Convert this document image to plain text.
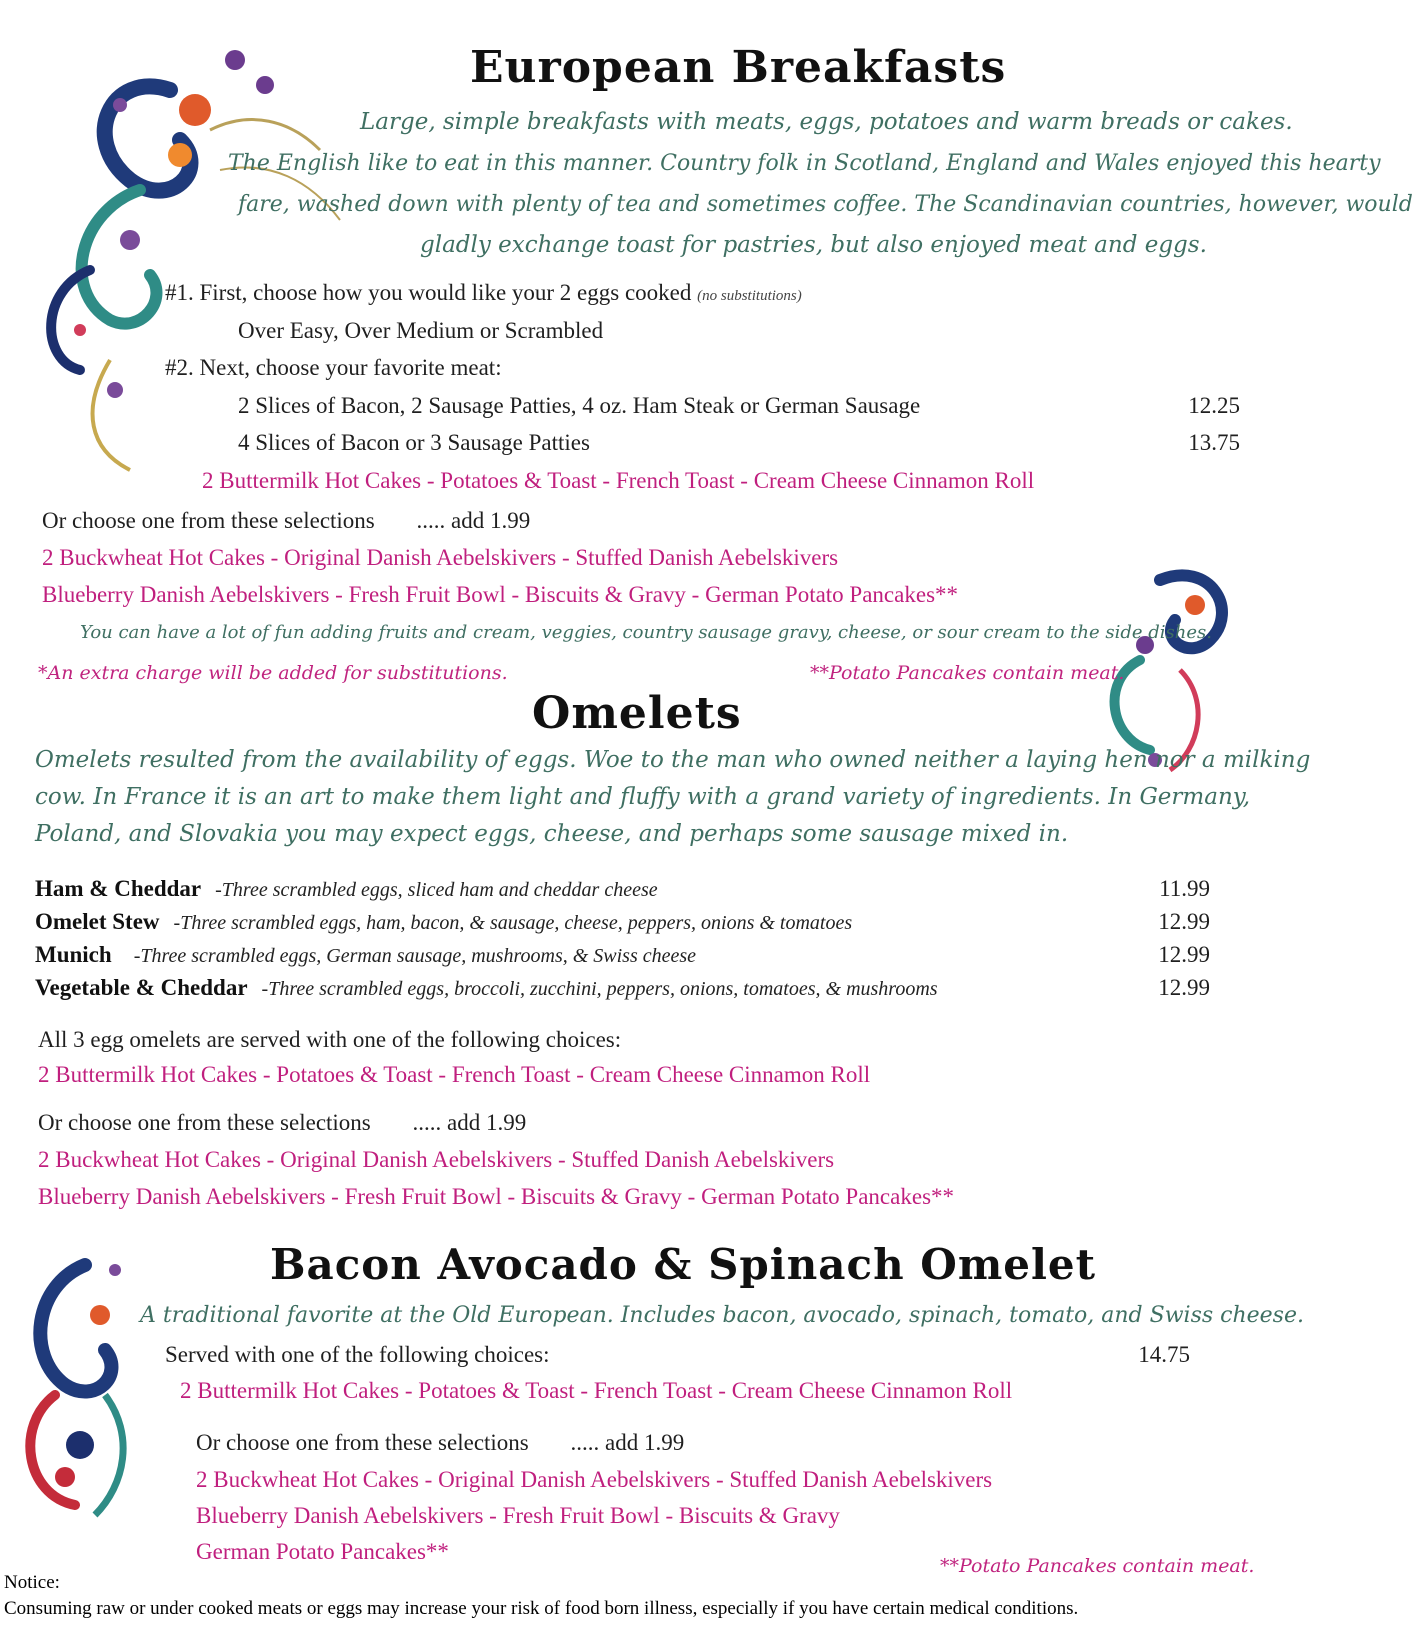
European Breakfasts
Large, simple breakfasts with meats, eggs, potatoes and warm breads or cakes.
The English like to eat in this manner. Country folk in Scotland, England and Wales enjoyed this hearty
fare, washed down with plenty of tea and sometimes coffee. The Scandinavian countries, however, would
gladly exchange toast for pastries, but also enjoyed meat and eggs.
#1. First, choose how you would like your 2 eggs cooked (no substitutions)
Over Easy, Over Medium or Scrambled
#2. Next, choose your favorite meat:
2 Slices of Bacon, 2 Sausage Patties, 4 oz. Ham Steak or German Sausage	12.25
4 Slices of Bacon or 3 Sausage Patties	13.75
2 Buttermilk Hot Cakes - Potatoes & Toast - French Toast - Cream Cheese Cinnamon Roll
Or choose one from these selections ..... add 1.99
2 Buckwheat Hot Cakes - Original Danish Aebelskivers - Stuffed Danish Aebelskivers
Blueberry Danish Aebelskivers - Fresh Fruit Bowl - Biscuits & Gravy - German Potato Pancakes**
You can have a lot of fun adding fruits and cream, veggies, country sausage gravy, cheese, or sour cream to the side dishes.
*An extra charge will be added for substitutions.	**Potato Pancakes contain meat.
Omelets
Omelets resulted from the availability of eggs. Woe to the man who owned neither a laying hen nor a milking
cow. In France it is an art to make them light and fluffy with a grand variety of ingredients. In Germany,
Poland, and Slovakia you may expect eggs, cheese, and perhaps some sausage mixed in.
Ham & Cheddar -Three scrambled eggs, sliced ham and cheddar cheese	11.99
Omelet Stew -Three scrambled eggs, ham, bacon, & sausage, cheese, peppers, onions & tomatoes	12.99
Munich -Three scrambled eggs, German sausage, mushrooms, & Swiss cheese	12.99
Vegetable & Cheddar -Three scrambled eggs, broccoli, zucchini, peppers, onions, tomatoes, & mushrooms	12.99
All 3 egg omelets are served with one of the following choices:
2 Buttermilk Hot Cakes - Potatoes & Toast - French Toast - Cream Cheese Cinnamon Roll
Or choose one from these selections ..... add 1.99
2 Buckwheat Hot Cakes - Original Danish Aebelskivers - Stuffed Danish Aebelskivers
Blueberry Danish Aebelskivers - Fresh Fruit Bowl - Biscuits & Gravy - German Potato Pancakes**
Bacon Avocado & Spinach Omelet
A traditional favorite at the Old European. Includes bacon, avocado, spinach, tomato, and Swiss cheese.
Served with one of the following choices:	14.75
2 Buttermilk Hot Cakes - Potatoes & Toast - French Toast - Cream Cheese Cinnamon Roll
Or choose one from these selections ..... add 1.99
2 Buckwheat Hot Cakes - Original Danish Aebelskivers - Stuffed Danish Aebelskivers
Blueberry Danish Aebelskivers - Fresh Fruit Bowl - Biscuits & Gravy
German Potato Pancakes**
**Potato Pancakes contain meat.
Notice:
Consuming raw or under cooked meats or eggs may increase your risk of food born illness, especially if you have certain medical conditions.
